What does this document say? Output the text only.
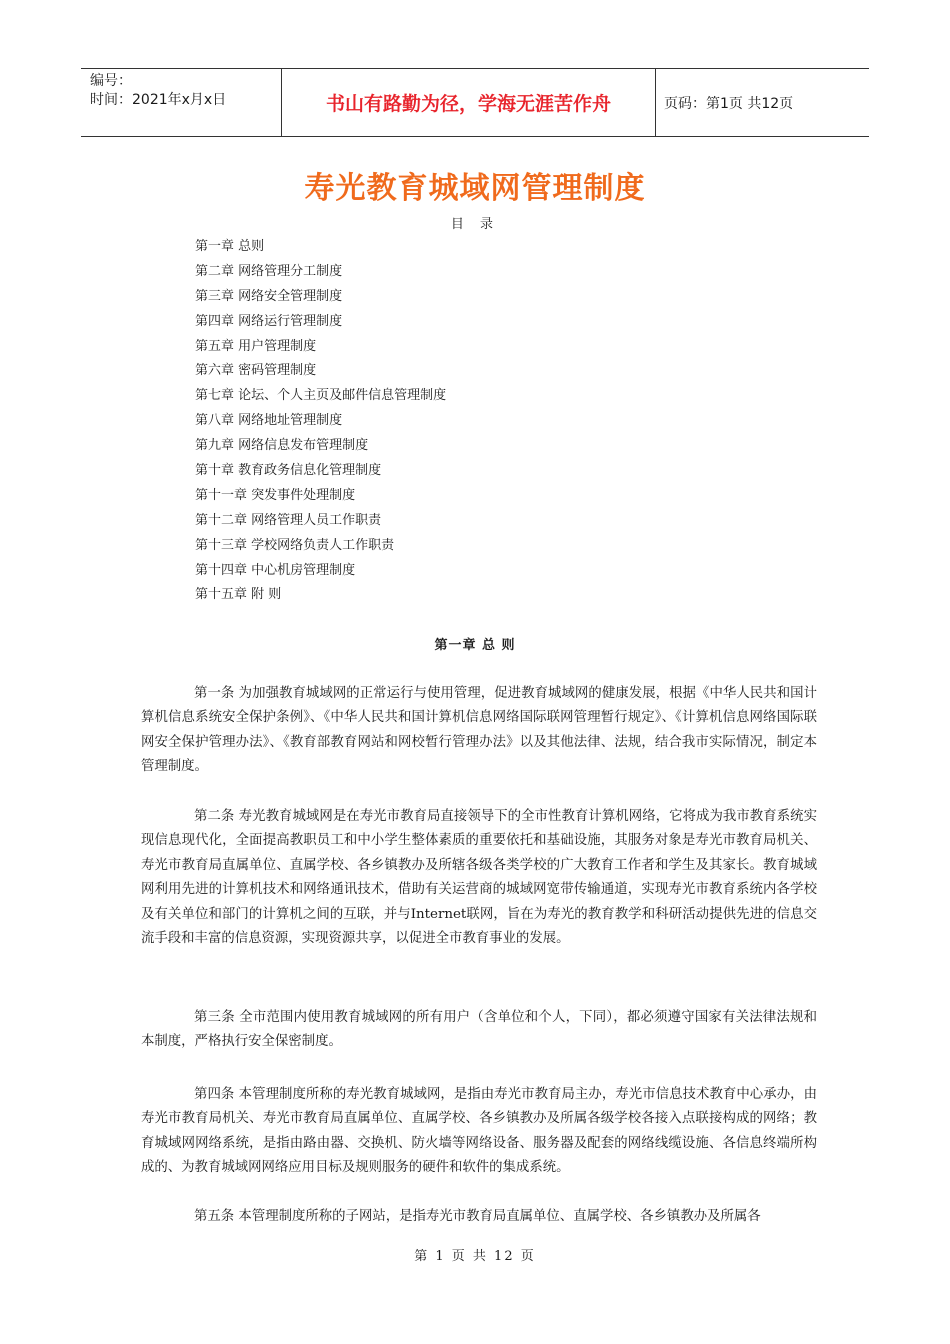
编号：
时间：2021年x月x日	书山有路勤为径，学海无涯苦作舟	页码：第1页 共12页
寿光教育城域网管理制度
目 录
第一章 总则
第二章 网络管理分工制度
第三章 网络安全管理制度
第四章 网络运行管理制度
第五章 用户管理制度
第六章 密码管理制度
第七章 论坛、个人主页及邮件信息管理制度
第八章 网络地址管理制度
第九章 网络信息发布管理制度
第十章 教育政务信息化管理制度
第十一章 突发事件处理制度
第十二章 网络管理人员工作职责
第十三章 学校网络负责人工作职责
第十四章 中心机房管理制度
第十五章 附 则
第一章 总 则

第一条 为加强教育城域网的正常运行与使用管理，促进教育城域网的健康发展，根据《中华人民共和国计算机信息系统安全保护条例》、《中华人民共和国计算机信息网络国际联网管理暂行规定》、《计算机信息网络国际联网安全保护管理办法》、《教育部教育网站和网校暂行管理办法》以及其他法律、法规，结合我市实际情况，制定本管理制度。

第二条 寿光教育城域网是在寿光市教育局直接领导下的全市性教育计算机网络，它将成为我市教育系统实现信息现代化，全面提高教职员工和中小学生整体素质的重要依托和基础设施，其服务对象是寿光市教育局机关、寿光市教育局直属单位、直属学校、各乡镇教办及所辖各级各类学校的广大教育工作者和学生及其家长。教育城域网利用先进的计算机技术和网络通讯技术，借助有关运营商的城域网宽带传输通道，实现寿光市教育系统内各学校及有关单位和部门的计算机之间的互联，并与Internet联网，旨在为寿光的教育教学和科研活动提供先进的信息交流手段和丰富的信息资源，实现资源共享，以促进全市教育事业的发展。

第三条 全市范围内使用教育城域网的所有用户（含单位和个人，下同），都必须遵守国家有关法律法规和本制度，严格执行安全保密制度。

第四条 本管理制度所称的寿光教育城域网，是指由寿光市教育局主办，寿光市信息技术教育中心承办，由寿光市教育局机关、寿光市教育局直属单位、直属学校、各乡镇教办及所属各级学校各接入点联接构成的网络；教育城域网网络系统，是指由路由器、交换机、防火墙等网络设备、服务器及配套的网络线缆设施、各信息终端所构成的、为教育城域网网络应用目标及规则服务的硬件和软件的集成系统。

第五条 本管理制度所称的子网站，是指寿光市教育局直属单位、直属学校、各乡镇教办及所属各

第 1 页 共 12 页
